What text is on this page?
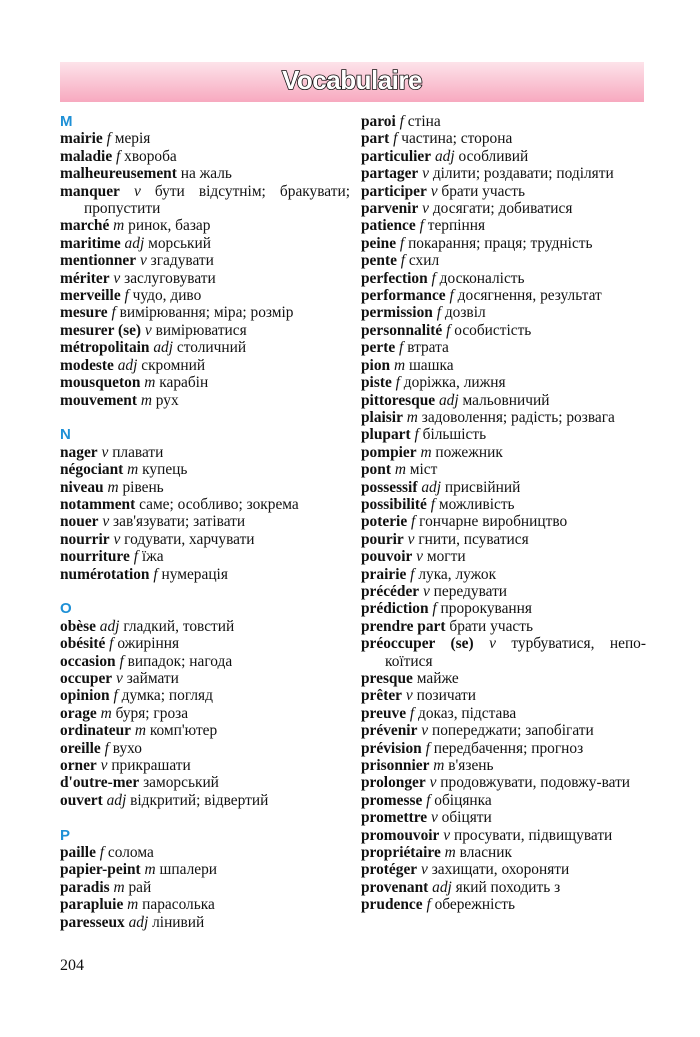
Vocabulaire
M
mairie f мерія
maladie f хвороба
malheureusement на жаль
manquer v бути відсутнім; бракувати; пропустити
marché m ринок, базар
maritime adj морський
mentionner v згадувати
mériter v заслуговувати
merveille f чудо, диво
mesure f вимірювання; міра; розмір
mesurer (se) v вимірюватися
métropolitain adj столичний
modeste adj скромний
mousqueton m карабін
mouvement m рух
N
nager v плавати
négociant m купець
niveau m рівень
notamment саме; особливо; зокрема
nouer v зав'язувати; затівати
nourrir v годувати, харчувати
nourriture f їжа
numérotation f нумерація
O
obèse adj гладкий, товстий
obésité f ожиріння
occasion f випадок; нагода
occuper v займати
opinion f думка; погляд
orage m буря; гроза
ordinateur m комп'ютер
oreille f вухо
orner v прикрашати
d'outre-mer заморський
ouvert adj відкритий; відвертий
P
paille f солома
papier-peint m шпалери
paradis m рай
parapluie m парасолька
paresseux adj лінивий
paroi f стіна
part f частина; сторона
particulier adj особливий
partager v ділити; роздавати; поділяти
participer v брати участь
parvenir v досягати; добиватися
patience f терпіння
peine f покарання; праця; трудність
pente f схил
perfection f досконалість
performance f досягнення, результат
permission f дозвіл
personnalité f особистість
perte f втрата
pion m шашка
piste f доріжка, лижня
pittoresque adj мальовничий
plaisir m задоволення; радість; розвага
plupart f більшість
pompier m пожежник
pont m міст
possessif adj присвійний
possibilité f можливість
poterie f гончарне виробництво
pourir v гнити, псуватися
pouvoir v могти
prairie f лука, лужок
précéder v передувати
prédiction f пророкування
prendre part брати участь
préoccuper (se) v турбуватися, непо-коїтися
presque майже
prêter v позичати
preuve f доказ, підстава
prévenir v попереджати; запобігати
prévision f передбачення; прогноз
prisonnier m в'язень
prolonger v продовжувати, подовжу-вати
promesse f обіцянка
promettre v обіцяти
promouvoir v просувати, підвищувати
propriétaire m власник
protéger v захищати, охороняти
provenant adj який походить з
prudence f обережність
204
